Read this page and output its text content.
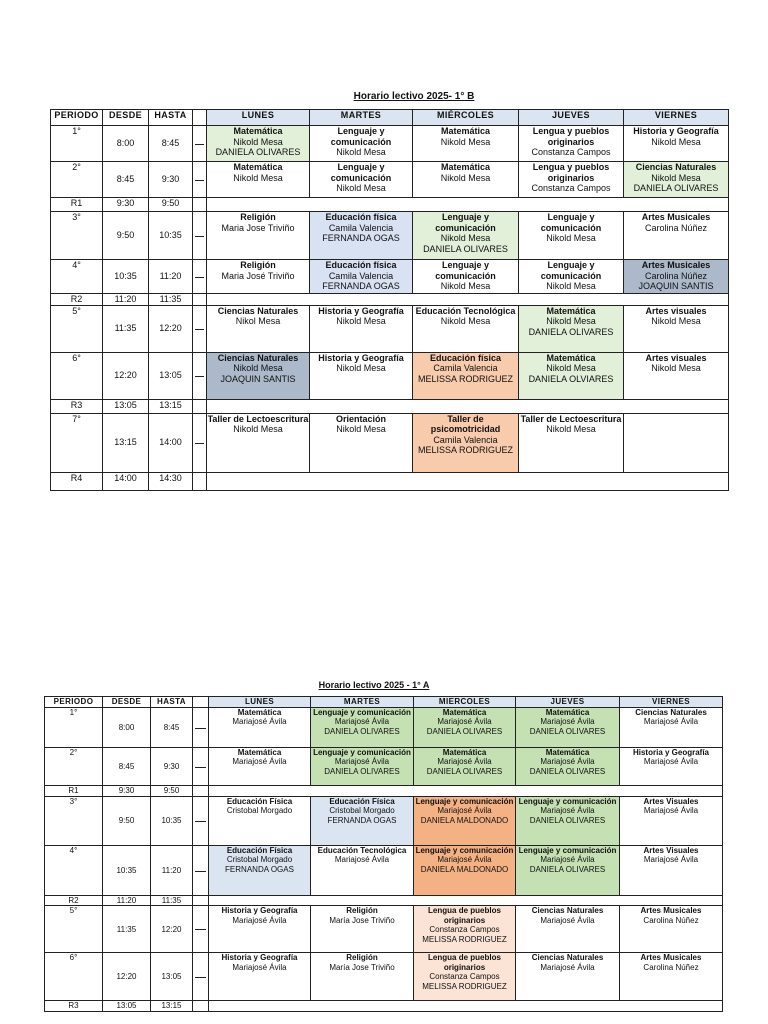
Horario lectivo 2025- 1° B
PERIODO	DESDE	HASTA		LUNES	MARTES	MIÉRCOLES	JUEVES	VIERNES
1°	8:00	8:45		Matemática
Nikold Mesa
DANIELA OLIVARES	Lenguaje y comunicación
Nikold Mesa	Matemática
Nikold Mesa	Lengua y pueblos originarios
Constanza Campos	Historia y Geografía
Nikold Mesa

2°	8:45	9:30		Matemática
Nikold Mesa	Lenguaje y comunicación
Nikold Mesa	Matemática
Nikold Mesa	Lengua y pueblos originarios
Constanza Campos	Ciencias Naturales
Nikold Mesa
DANIELA OLIVARES

R1	9:30	9:50						
3°	9:50	10:35		Religión
Maria Jose Triviño	Educación física
Camila Valencia
FERNANDA OGAS	Lenguaje y comunicación
Nikold Mesa
DANIELA OLIVARES	Lenguaje y comunicación
Nikold Mesa	Artes Musicales
Carolina Núñez

4°	10:35	11:20		Religión
Maria José Triviño	Educación física
Camila Valencia
FERNANDA OGAS	Lenguaje y comunicación
Nikold Mesa	Lenguaje y comunicación
Nikold Mesa	Artes Musicales
Carolina Núñez
JOAQUIN SANTIS

R2	11:20	11:35						
5°	11:35	12:20		Ciencias Naturales
Nikol Mesa	Historia y Geografía
Nikold Mesa	Educación Tecnológica
Nikold Mesa	Matemática
Nikold Mesa
DANIELA OLIVARES	Artes visuales
Nikold Mesa

6°	12:20	13:05		Ciencias Naturales
Nikold Mesa
JOAQUIN SANTIS	Historia y Geografía
Nikold Mesa	Educación física
Camila Valencia
MELISSA RODRIGUEZ	Matemática
Nikold Mesa
DANIELA OLVIARES	Artes visuales
Nikold Mesa

R3	13:05	13:15						
7°	13:15	14:00		Taller de Lectoescritura
Nikold Mesa	Orientación
Nikold Mesa	Taller de psicomotricidad
Camila Valencia
MELISSA RODRIGUEZ	Taller de Lectoescritura
Nikold Mesa	

R4	14:00	14:30						
Horario lectivo 2025 - 1° A
PERIODO	DESDE	HASTA		LUNES	MARTES	MIERCOLES	JUEVES	VIERNES
1°	8:00	8:45		Matemática
Mariajosé Ávila	Lenguaje y comunicación
Mariajosé Ávila
DANIELA OLIVARES	Matemática
Mariajosé Ávila
DANIELA OLIVARES	Matemática
Mariajosé Ávila
DANIELA OLIVARES	Ciencias Naturales
Mariajosé Ávila

2°	8:45	9:30		Matemática
Mariajosé Ávila	Lenguaje y comunicación
Mariajosé Ávila
DANIELA OLIVARES	Matemática
Mariajosé Ávila
DANIELA OLIVARES	Matemática
Mariajosé Ávila
DANIELA OLIVARES	Historia y Geografía
Mariajosé Ávila

R1	9:30	9:50						
3°	9:50	10:35		Educación Física
Cristobal Morgado	Educación Física
Cristobal Morgado
FERNANDA OGAS	Lenguaje y comunicación
Mariajosé Ávila
DANIELA MALDONADO	Lenguaje y comunicación
Mariajosé Ávila
DANIELA OLIVARES	Artes Visuales
Mariajosé Ávila

4°	10:35	11:20		Educación Física
Cristobal Morgado
FERNANDA OGAS	Educación Tecnológica
Mariajosé Ávila	Lenguaje y comunicación
Mariajosé Ávila
DANIELA MALDONADO	Lenguaje y comunicación
Mariajosé Ávila
DANIELA OLIVARES	Artes Visuales
Mariajosé Ávila

R2	11:20	11:35						
5°	11:35	12:20		Historia y Geografía
Mariajosé Ávila	Religión
María Jose Triviño	Lengua de pueblos originarios
Constanza Campos
MELISSA RODRIGUEZ	Ciencias Naturales
Mariajosé Ávila	Artes Musicales
Carolina Núñez

6°	12:20	13:05		Historia y Geografía
Mariajosé Ávila	Religión
María Jose Triviño	Lengua de pueblos originarios
Constanza Campos
MELISSA RODRIGUEZ	Ciencias Naturales
Mariajosé Ávila	Artes Musicales
Carolina Núñez

R3	13:05	13:15						
